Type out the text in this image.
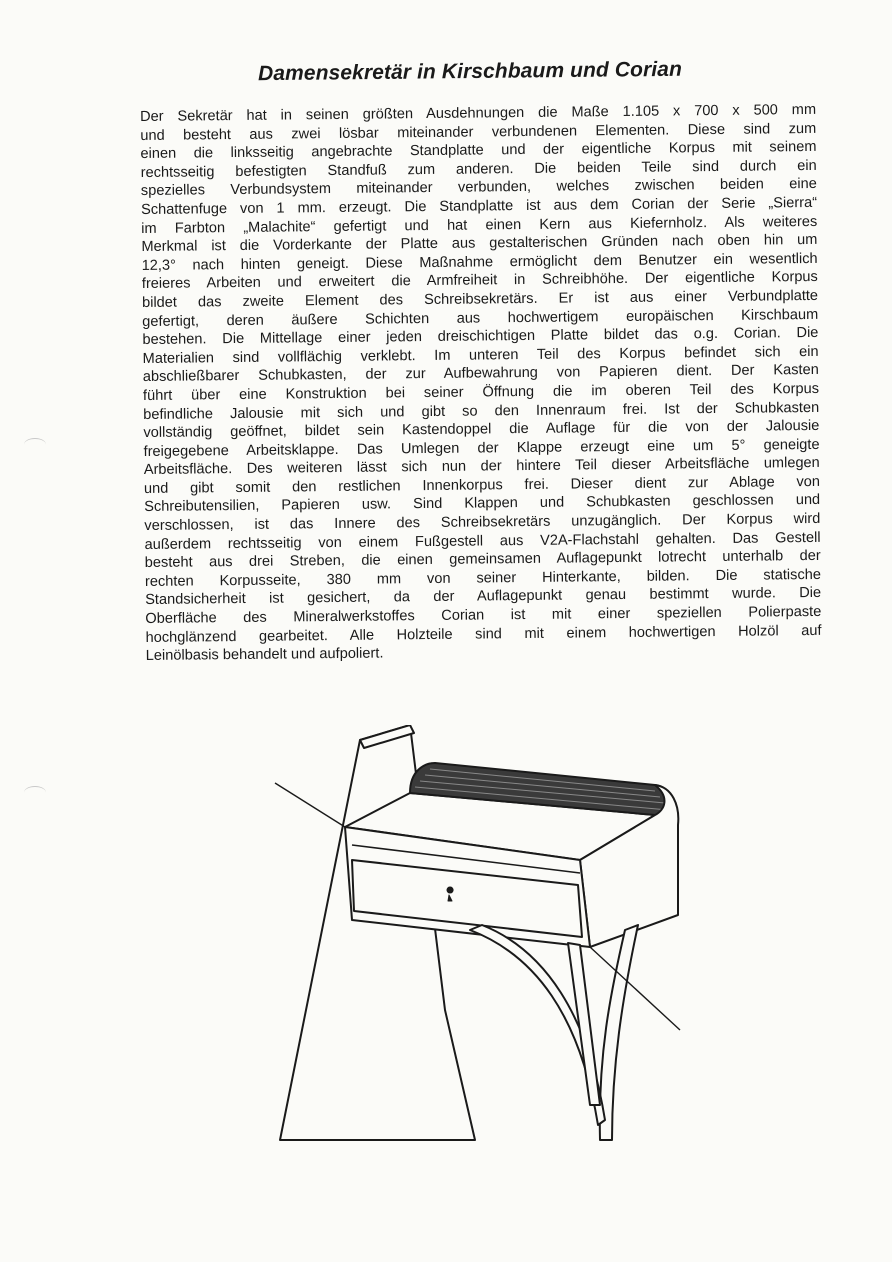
Damensekretär in Kirschbaum und Corian
Der Sekretär hat in seinen größten Ausdehnungen die Maße 1.105 x 700 x 500 mm
und besteht aus zwei lösbar miteinander verbundenen Elementen. Diese sind zum
einen die linksseitig angebrachte Standplatte und der eigentliche Korpus mit seinem
rechtsseitig befestigten Standfuß zum anderen. Die beiden Teile sind durch ein
spezielles Verbundsystem miteinander verbunden, welches zwischen beiden eine
Schattenfuge von 1 mm. erzeugt. Die Standplatte ist aus dem Corian der Serie „Sierra“
im Farbton „Malachite“ gefertigt und hat einen Kern aus Kiefernholz. Als weiteres
Merkmal ist die Vorderkante der Platte aus gestalterischen Gründen nach oben hin um
12,3° nach hinten geneigt. Diese Maßnahme ermöglicht dem Benutzer ein wesentlich
freieres Arbeiten und erweitert die Armfreiheit in Schreibhöhe. Der eigentliche Korpus
bildet das zweite Element des Schreibsekretärs. Er ist aus einer Verbundplatte
gefertigt, deren äußere Schichten aus hochwertigem europäischen Kirschbaum
bestehen. Die Mittellage einer jeden dreischichtigen Platte bildet das o.g. Corian. Die
Materialien sind vollflächig verklebt. Im unteren Teil des Korpus befindet sich ein
abschließbarer Schubkasten, der zur Aufbewahrung von Papieren dient. Der Kasten
führt über eine Konstruktion bei seiner Öffnung die im oberen Teil des Korpus
befindliche Jalousie mit sich und gibt so den Innenraum frei. Ist der Schubkasten
vollständig geöffnet, bildet sein Kastendoppel die Auflage für die von der Jalousie
freigegebene Arbeitsklappe. Das Umlegen der Klappe erzeugt eine um 5° geneigte
Arbeitsfläche. Des weiteren lässt sich nun der hintere Teil dieser Arbeitsfläche umlegen
und gibt somit den restlichen Innenkorpus frei. Dieser dient zur Ablage von
Schreibutensilien, Papieren usw. Sind Klappen und Schubkasten geschlossen und
verschlossen, ist das Innere des Schreibsekretärs unzugänglich. Der Korpus wird
außerdem rechtsseitig von einem Fußgestell aus V2A-Flachstahl gehalten. Das Gestell
besteht aus drei Streben, die einen gemeinsamen Auflagepunkt lotrecht unterhalb der
rechten Korpusseite, 380 mm von seiner Hinterkante, bilden. Die statische
Standsicherheit ist gesichert, da der Auflagepunkt genau bestimmt wurde. Die
Oberfläche des Mineralwerkstoffes Corian ist mit einer speziellen Polierpaste
hochglänzend gearbeitet. Alle Holzteile sind mit einem hochwertigen Holzöl auf
Leinölbasis behandelt und aufpoliert.
